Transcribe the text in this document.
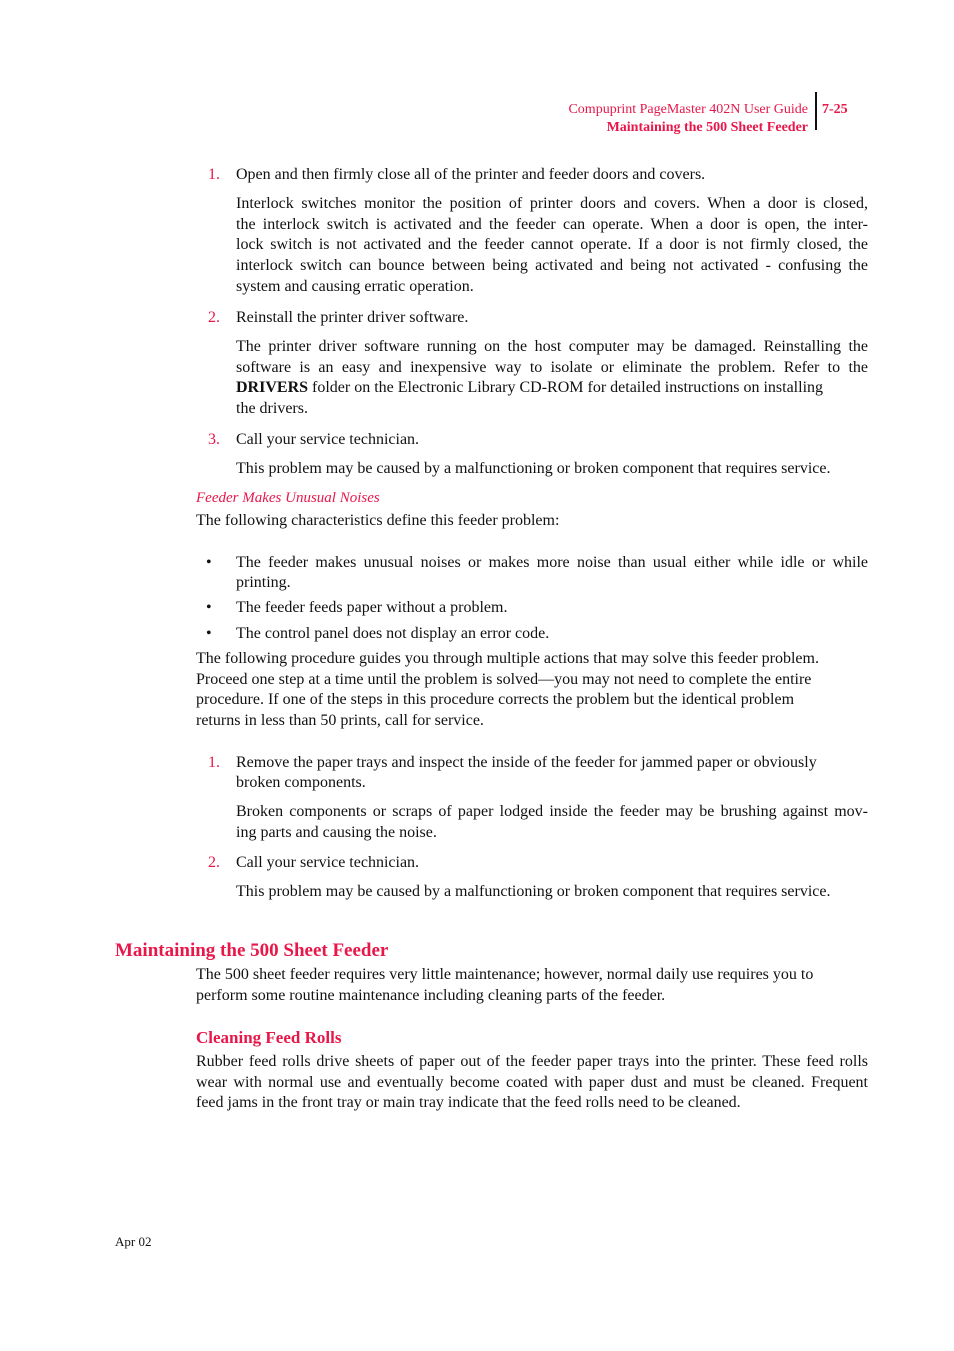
Compuprint PageMaster 402N User Guide
Maintaining the 500 Sheet Feeder
7-25
1.	Open and then firmly close all of the printer and feeder doors and covers.
Interlock switches monitor the position of printer doors and covers. When a door is closed,
the interlock switch is activated and the feeder can operate. When a door is open, the inter-
lock switch is not activated and the feeder cannot operate. If a door is not firmly closed, the
interlock switch can bounce between being activated and being not activated - confusing the
system and causing erratic operation.
2.	Reinstall the printer driver software.
The printer driver software running on the host computer may be damaged. Reinstalling the
software is an easy and inexpensive way to isolate or eliminate the problem. Refer to the
DRIVERS folder on the Electronic Library CD-ROM for detailed instructions on installing
the drivers.
3.	Call your service technician.
This problem may be caused by a malfunctioning or broken component that requires service.
Feeder Makes Unusual Noises
The following characteristics define this feeder problem:
• The feeder makes unusual noises or makes more noise than usual either while idle or while printing.
• The feeder feeds paper without a problem.
• The control panel does not display an error code.
The following procedure guides you through multiple actions that may solve this feeder problem.
Proceed one step at a time until the problem is solved—you may not need to complete the entire
procedure. If one of the steps in this procedure corrects the problem but the identical problem
returns in less than 50 prints, call for service.
1.	Remove the paper trays and inspect the inside of the feeder for jammed paper or obviously
broken components.
Broken components or scraps of paper lodged inside the feeder may be brushing against mov-
ing parts and causing the noise.
2.	Call your service technician.
This problem may be caused by a malfunctioning or broken component that requires service.
Maintaining the 500 Sheet Feeder
The 500 sheet feeder requires very little maintenance; however, normal daily use requires you to
perform some routine maintenance including cleaning parts of the feeder.
Cleaning Feed Rolls
Rubber feed rolls drive sheets of paper out of the feeder paper trays into the printer. These feed rolls
wear with normal use and eventually become coated with paper dust and must be cleaned. Frequent
feed jams in the front tray or main tray indicate that the feed rolls need to be cleaned.
Apr 02
